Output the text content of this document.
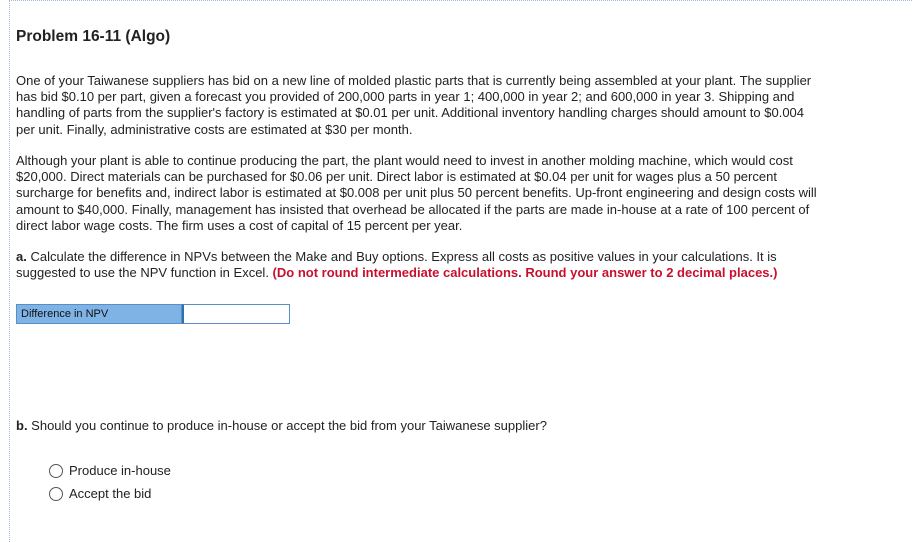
Problem 16-11 (Algo)
One of your Taiwanese suppliers has bid on a new line of molded plastic parts that is currently being assembled at your plant. The supplier has bid $0.10 per part, given a forecast you provided of 200,000 parts in year 1; 400,000 in year 2; and 600,000 in year 3. Shipping and handling of parts from the supplier's factory is estimated at $0.01 per unit. Additional inventory handling charges should amount to $0.004 per unit. Finally, administrative costs are estimated at $30 per month.
Although your plant is able to continue producing the part, the plant would need to invest in another molding machine, which would cost $20,000. Direct materials can be purchased for $0.06 per unit. Direct labor is estimated at $0.04 per unit for wages plus a 50 percent surcharge for benefits and, indirect labor is estimated at $0.008 per unit plus 50 percent benefits. Up-front engineering and design costs will amount to $40,000. Finally, management has insisted that overhead be allocated if the parts are made in-house at a rate of 100 percent of direct labor wage costs. The firm uses a cost of capital of 15 percent per year.
a. Calculate the difference in NPVs between the Make and Buy options. Express all costs as positive values in your calculations. It is suggested to use the NPV function in Excel. (Do not round intermediate calculations. Round your answer to 2 decimal places.)
Difference in NPV
b. Should you continue to produce in-house or accept the bid from your Taiwanese supplier?
Produce in-house
Accept the bid
